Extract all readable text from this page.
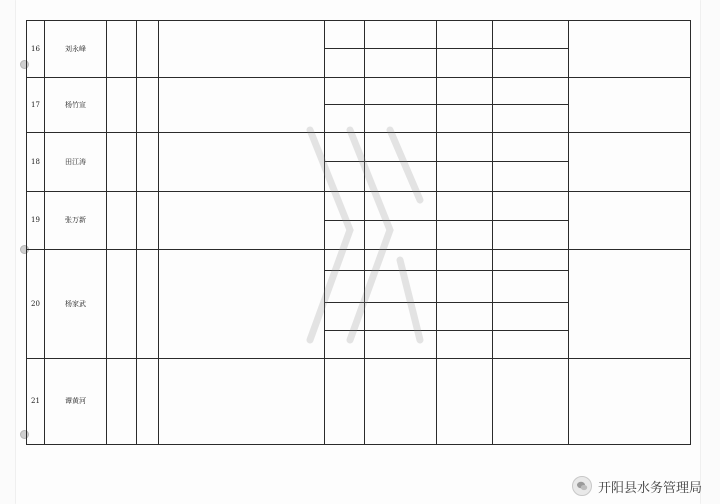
16	刘永峰								

17	杨竹宣								

18	田江涛								

19	张万新								

20	杨家武								

21	谭黄河								
开阳县水务管理局
